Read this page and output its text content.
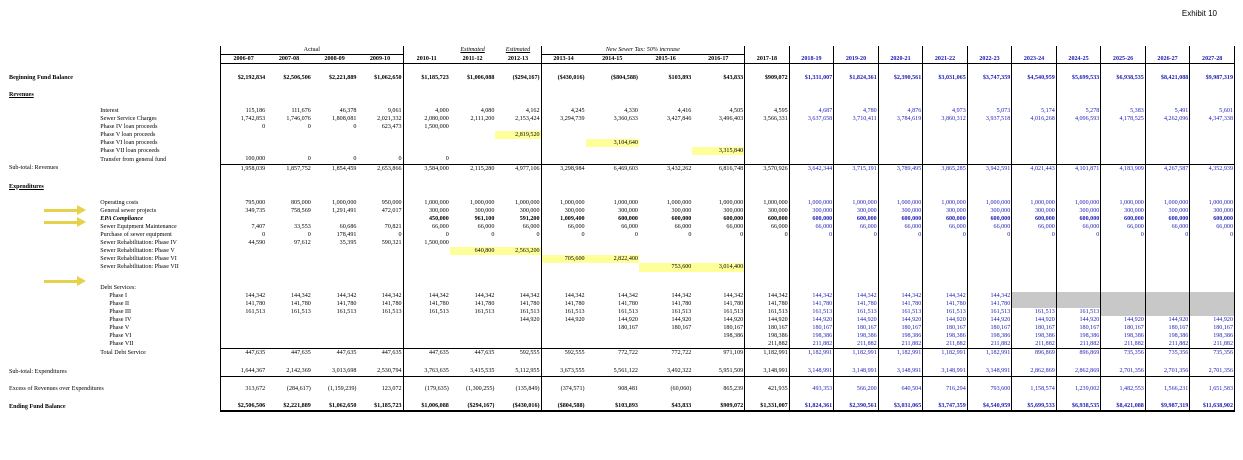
Exhibit 10
		Actual					Estimated	Estimated	New Sewer Tax: 50% increase														
		2006-07	2007-08	2008-09	2009-10	2010-11	2011-12	2012-13	2013-14	2014-15	2015-16	2016-17	2017-18	2018-19	2019-20	2020-21	2021-22	2022-23	2023-24	2024-25	2025-26	2026-27	2027-28

Beginning Fund Balance		$2,192,834	$2,506,506	$2,221,889	$1,062,650	$1,185,723	$1,006,088	($294,167)	($430,016)	($804,588)	$103,893	$43,833	$909,072	$1,331,007	$1,824,361	$2,390,561	$3,031,065	$3,747,359	$4,540,959	$5,699,533	$6,938,535	$8,421,088	$9,987,319

Revenues																							

	Interest	115,186	111,676	46,378	9,061	4,000	4,080	4,162	4,245	4,330	4,416	4,505	4,595	4,687	4,780	4,876	4,973	5,073	5,174	5,278	5,383	5,491	5,601
	Sewer Service Charges	1,742,853	1,746,076	1,808,081	2,021,332	2,080,000	2,111,200	2,153,424	3,294,739	3,360,633	3,427,846	3,496,403	3,566,331	3,637,658	3,710,411	3,784,619	3,860,312	3,937,518	4,016,268	4,096,593	4,178,525	4,262,096	4,347,338
	Phase IV loan proceeds	0	0	0	623,473	1,500,000																	
	Phase V loan proceeds							2,819,520															
	Phase VI loan proceeds									3,104,640													
	Phase VII loan proceeds											3,315,840											
	Transfer from general fund	100,000	0	0	0	0																	
Sub-total: Revenues		1,958,039	1,857,752	1,854,459	2,653,866	3,584,000	2,115,280	4,977,106	3,298,984	6,469,603	3,432,262	6,816,748	3,570,926	3,642,344	3,715,191	3,789,495	3,865,285	3,942,591	4,021,443	4,101,871	4,183,909	4,267,587	4,352,939

Expenditures																							

	Operating costs	795,000	805,000	1,000,000	950,000	1,000,000	1,000,000	1,000,000	1,000,000	1,000,000	1,000,000	1,000,000	1,000,000	1,000,000	1,000,000	1,000,000	1,000,000	1,000,000	1,000,000	1,000,000	1,000,000	1,000,000	1,000,000
	General sewer projects	349,735	758,569	1,291,491	472,017	300,000	300,000	300,000	300,000	300,000	300,000	300,000	300,000	300,000	300,000	300,000	300,000	300,000	300,000	300,000	300,000	300,000	300,000
	EPA Compliance					450,000	961,100	591,200	1,009,400	600,000	600,000	600,000	600,000	600,000	600,000	600,000	600,000	600,000	600,000	600,000	600,000	600,000	600,000
	Sewer Equipment Maintenance	7,407	33,553	60,686	70,821	66,000	66,000	66,000	66,000	66,000	66,000	66,000	66,000	66,000	66,000	66,000	66,000	66,000	66,000	66,000	66,000	66,000	66,000
	Purchase of sewer equipment	0	0	178,491	0	0	0	0	0	0	0	0	0	0	0	0	0	0	0	0	0	0	0
	Sewer Rehabilitation: Phase IV	44,590	97,612	35,395	590,321	1,500,000																	
	Sewer Rehabilitation: Phase V						640,800	2,563,200															
	Sewer Rehabilitation: Phase VI								705,600	2,822,400													
	Sewer Rehabilitation: Phase VII										753,600	3,014,400											

	Debt Services:																						
	Phase I	144,342	144,342	144,342	144,342	144,342	144,342	144,342	144,342	144,342	144,342	144,342	144,342	144,342	144,342	144,342	144,342	144,342					
	Phase II	141,780	141,780	141,780	141,780	141,780	141,780	141,780	141,780	141,780	141,780	141,780	141,780	141,780	141,780	141,780	141,780	141,780					
	Phase III	161,513	161,513	161,513	161,513	161,513	161,513	161,513	161,513	161,513	161,513	161,513	161,513	161,513	161,513	161,513	161,513	161,513	161,513	161,513			
	Phase IV							144,920	144,920	144,920	144,920	144,920	144,920	144,920	144,920	144,920	144,920	144,920	144,920	144,920	144,920	144,920	144,920
	Phase V									180,167	180,167	180,167	180,167	180,167	180,167	180,167	180,167	180,167	180,167	180,167	180,167	180,167	180,167
	Phase VI											198,386	198,386	198,386	198,386	198,386	198,386	198,386	198,386	198,386	198,386	198,386	198,386
	Phase VII												211,882	211,882	211,882	211,882	211,882	211,882	211,882	211,882	211,882	211,882	211,882
	Total Debt Service	447,635	447,635	447,635	447,635	447,635	447,635	592,555	592,555	772,722	772,722	971,109	1,182,991	1,182,991	1,182,991	1,182,991	1,182,991	1,182,991	896,869	896,869	735,356	735,356	735,356

Sub-total: Expenditures		1,644,367	2,142,369	3,013,698	2,530,794	3,763,635	3,415,535	5,112,955	3,673,555	5,561,122	3,492,322	5,951,509	3,148,991	3,148,991	3,148,991	3,148,991	3,148,991	3,148,991	2,862,869	2,862,869	2,701,356	2,701,356	2,701,356

Excess of Revenues over Expenditures		313,672	(284,617)	(1,159,239)	123,072	(179,635)	(1,300,255)	(135,849)	(374,571)	908,481	(60,060)	865,239	421,935	493,353	566,200	640,504	716,294	793,600	1,158,574	1,239,002	1,482,553	1,566,231	1,651,583

Ending Fund Balance		$2,506,506	$2,221,889	$1,062,650	$1,185,723	$1,006,088	($294,167)	($430,016)	($804,588)	$103,893	$43,833	$909,072	$1,331,007	$1,824,361	$2,390,561	$3,031,065	$3,747,359	$4,540,959	$5,699,533	$6,938,535	$8,421,088	$9,987,319	$11,638,902
